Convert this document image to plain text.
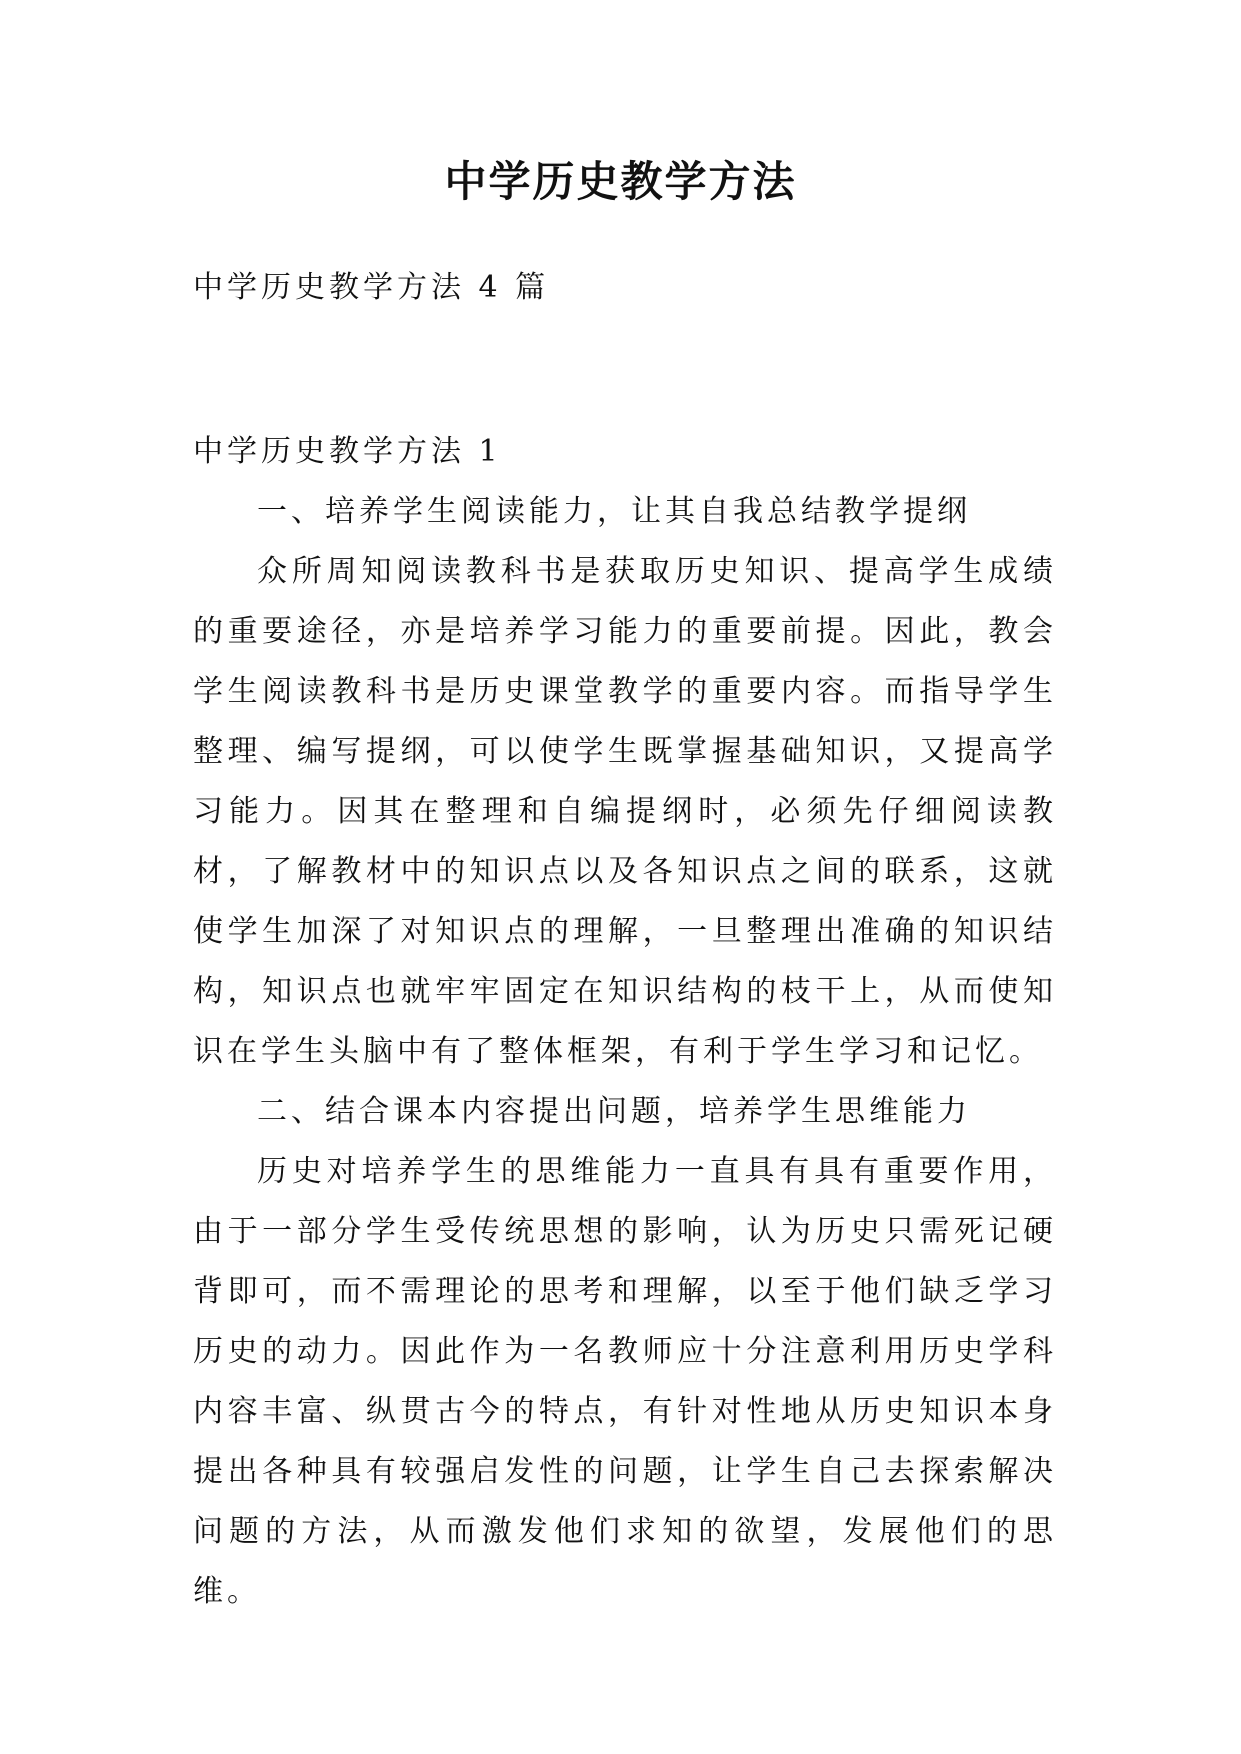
中学历史教学方法

中学历史教学方法 4 篇

中学历史教学方法 1

一、培养学生阅读能力，让其自我总结教学提纲

众所周知阅读教科书是获取历史知识、提高学生成绩的重要途径，亦是培养学习能力的重要前提。因此，教会学生阅读教科书是历史课堂教学的重要内容。而指导学生整理、编写提纲，可以使学生既掌握基础知识，又提高学习能力。因其在整理和自编提纲时，必须先仔细阅读教材，了解教材中的知识点以及各知识点之间的联系，这就使学生加深了对知识点的理解，一旦整理出准确的知识结构，知识点也就牢牢固定在知识结构的枝干上，从而使知识在学生头脑中有了整体框架，有利于学生学习和记忆。

二、结合课本内容提出问题，培养学生思维能力

历史对培养学生的思维能力一直具有具有重要作用，由于一部分学生受传统思想的影响，认为历史只需死记硬背即可，而不需理论的思考和理解，以至于他们缺乏学习历史的动力。因此作为一名教师应十分注意利用历史学科内容丰富、纵贯古今的特点，有针对性地从历史知识本身提出各种具有较强启发性的问题，让学生自己去探索解决问题的方法，从而激发他们求知的欲望，发展他们的思维。
